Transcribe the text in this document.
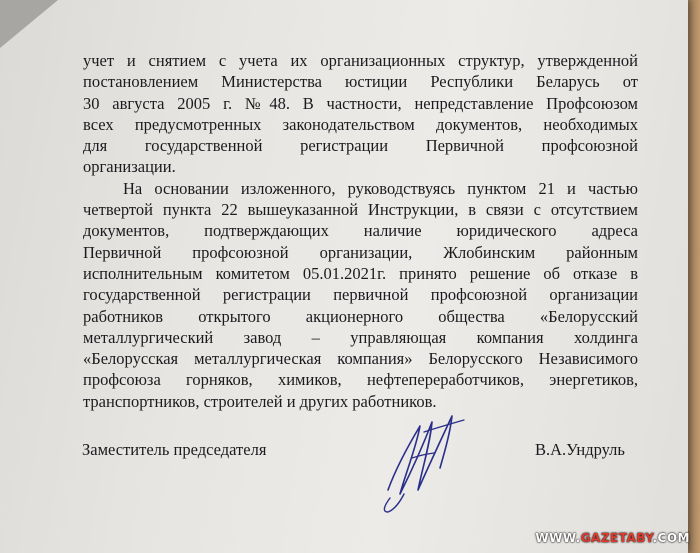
учет и снятием с учета их организационных структур, утвержденной
постановлением Министерства юстиции Республики Беларусь от
30 августа 2005 г. №48. В частности, непредставление Профсоюзом
всех предусмотренных законодательством документов, необходимых
для государственной регистрации Первичной профсоюзной
организации.
На основании изложенного, руководствуясь пунктом 21 и частью
четвертой пункта 22 вышеуказанной Инструкции, в связи с отсутствием
документов, подтверждающих наличие юридического адреса
Первичной профсоюзной организации, Жлобинским районным
исполнительным комитетом 05.01.2021г. принято решение об отказе в
государственной регистрации первичной профсоюзной организации
работников открытого акционерного общества «Белорусский
металлургический завод – управляющая компания холдинга
«Белорусская металлургическая компания» Белорусского Независимого
профсоюза горняков, химиков, нефтепереработчиков, энергетиков,
транспортников, строителей и других работников.
Заместитель председателя	В.А.Ундруль
WWW.GAZETABY.COM
